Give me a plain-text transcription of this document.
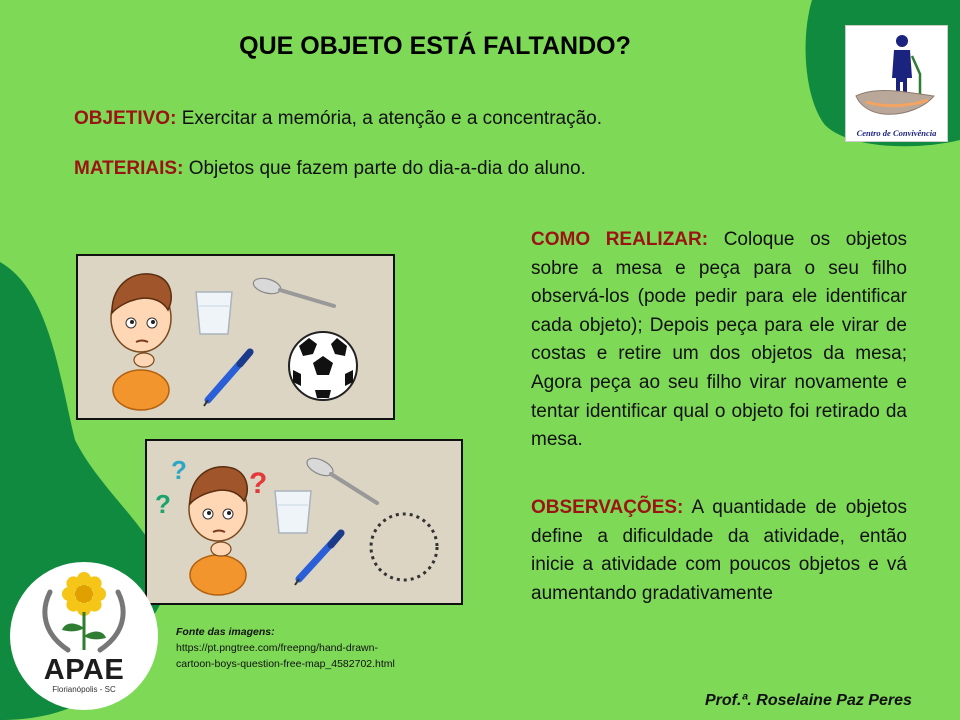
QUE OBJETO ESTÁ FALTANDO?
OBJETIVO: Exercitar a memória, a atenção e a concentração.
MATERIAIS: Objetos que fazem parte do dia-a-dia do aluno.
COMO REALIZAR: Coloque os objetos sobre a mesa e peça para o seu filho observá-los (pode pedir para ele identificar cada objeto); Depois peça para ele virar de costas e retire um dos objetos da mesa; Agora peça ao seu filho virar novamente e tentar identificar qual o objeto foi retirado da mesa.
OBSERVAÇÕES: A quantidade de objetos define a dificuldade da atividade, então inicie a atividade com poucos objetos e vá aumentando gradativamente
?
?
?
Fonte das imagens:
https://pt.pngtree.com/freepng/hand-drawn-
cartoon-boys-question-free-map_4582702.html
Prof.ª. Roselaine Paz Peres
Centro de Convivência
APAE
Florianópolis - SC
